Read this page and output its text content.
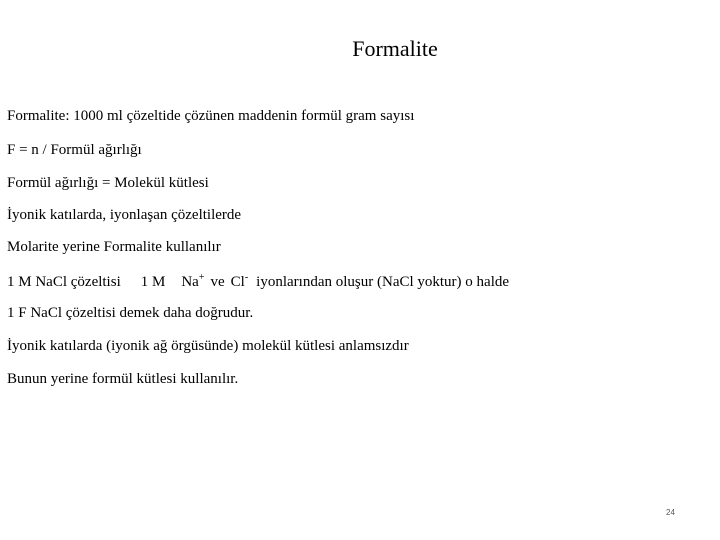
Formalite
Formalite: 1000 ml çözeltide çözünen maddenin formül gram sayısı
F = n / Formül ağırlığı
Formül ağırlığı = Molekül kütlesi
İyonik katılarda, iyonlaşan çözeltilerde
Molarite yerine Formalite kullanılır
1 M NaCl çözeltisi 1 M Na+ ve Cl- iyonlarından oluşur (NaCl yoktur) o halde
1 F NaCl çözeltisi demek daha doğrudur.
İyonik katılarda (iyonik ağ örgüsünde) molekül kütlesi anlamsızdır
Bunun yerine formül kütlesi kullanılır.
24
